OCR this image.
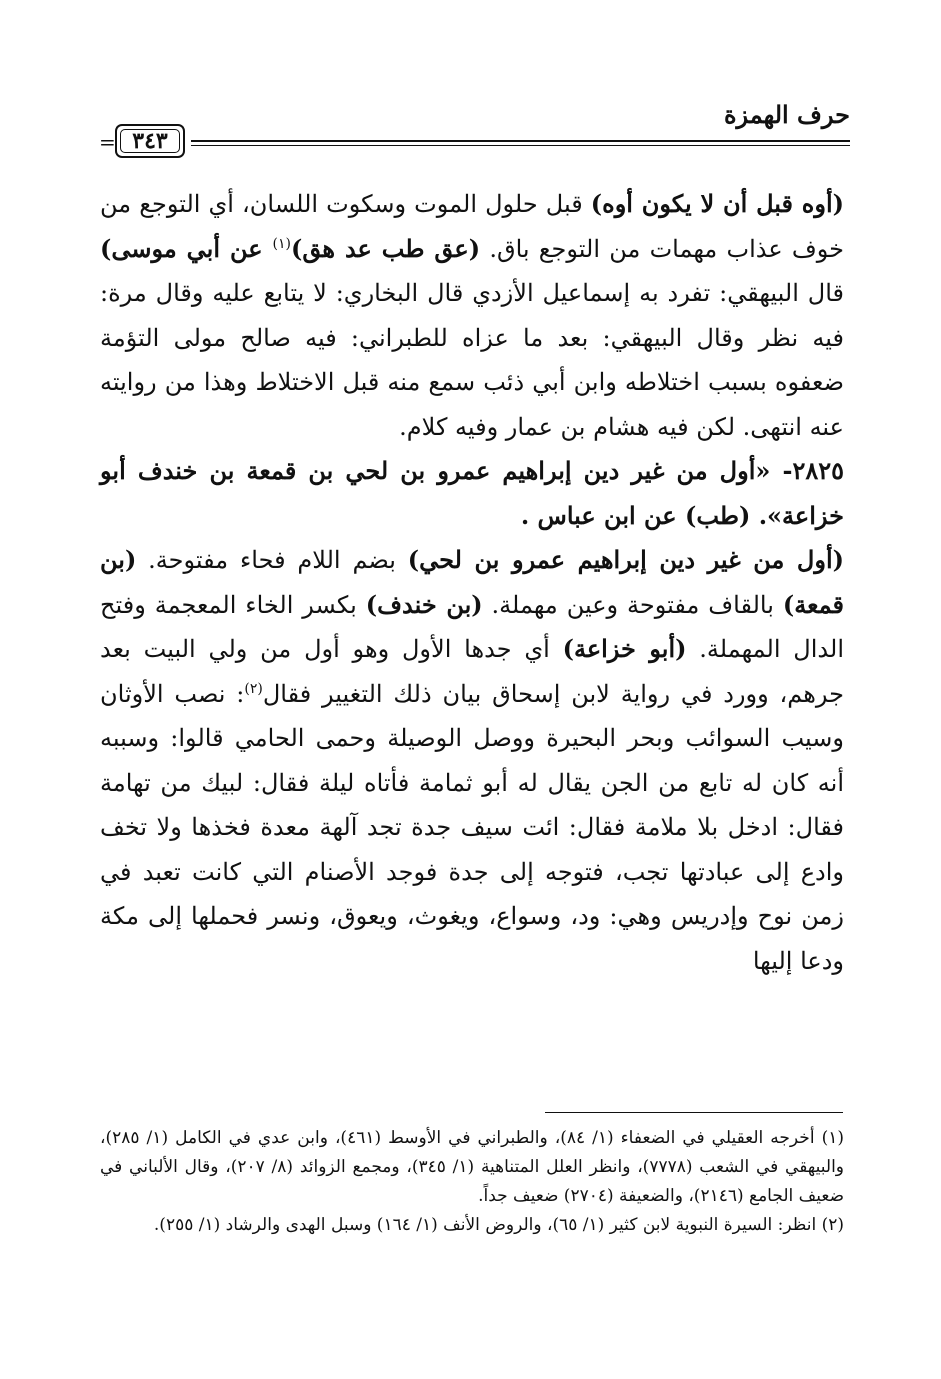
حرف الهمزة
٣٤٣
=

(أوه قبل أن لا يكون أوه) قبل حلول الموت وسكوت اللسان، أي التوجع من خوف عذاب مهمات من التوجع باق. (عق طب عد هق)$^{(١)}$ عن أبي موسى) قال البيهقي: تفرد به إسماعيل الأزدي قال البخاري: لا يتابع عليه وقال مرة: فيه نظر وقال البيهقي: بعد ما عزاه للطبراني: فيه صالح مولى التؤمة ضعفوه بسبب اختلاطه وابن أبي ذئب سمع منه قبل الاختلاط وهذا من روايته عنه انتهى. لكن فيه هشام بن عمار وفيه كلام.

٢٨٢٥- «أول من غير دين إبراهيم عمرو بن لحي بن قمعة بن خندف أبو خزاعة». (طب) عن ابن عباس .

(أول من غير دين إبراهيم عمرو بن لحي) بضم اللام فحاء مفتوحة. (بن قمعة) بالقاف مفتوحة وعين مهملة. (بن خندف) بكسر الخاء المعجمة وفتح الدال المهملة. (أبو خزاعة) أي جدها الأول وهو أول من ولي البيت بعد جرهم، وورد في رواية لابن إسحاق بيان ذلك التغيير فقال$^{(٢)}$: نصب الأوثان وسيب السوائب وبحر البحيرة ووصل الوصيلة وحمى الحامي قالوا: وسببه أنه كان له تابع من الجن يقال له أبو ثمامة فأتاه ليلة فقال: لبيك من تهامة فقال: ادخل بلا ملامة فقال: ائت سيف جدة تجد آلهة معدة فخذها ولا تخف وادع إلى عبادتها تجب، فتوجه إلى جدة فوجد الأصنام التي كانت تعبد في زمن نوح وإدريس وهي: ود، وسواع، ويغوث، ويعوق، ونسر فحملها إلى مكة ودعا إليها

(١) أخرجه العقيلي في الضعفاء (١/ ٨٤)، والطبراني في الأوسط (٤٦١)، وابن عدي في الكامل (١/ ٢٨٥)، والبيهقي في الشعب (٧٧٧٨)، وانظر العلل المتناهية (١/ ٣٤٥)، ومجمع الزوائد (٨/ ٢٠٧)، وقال الألباني في ضعيف الجامع (٢١٤٦)، والضعيفة (٢٧٠٤) ضعيف جداً.

(٢) انظر: السيرة النبوية لابن كثير (١/ ٦٥)، والروض الأنف (١/ ١٦٤) وسبل الهدى والرشاد (١/ ٢٥٥).
